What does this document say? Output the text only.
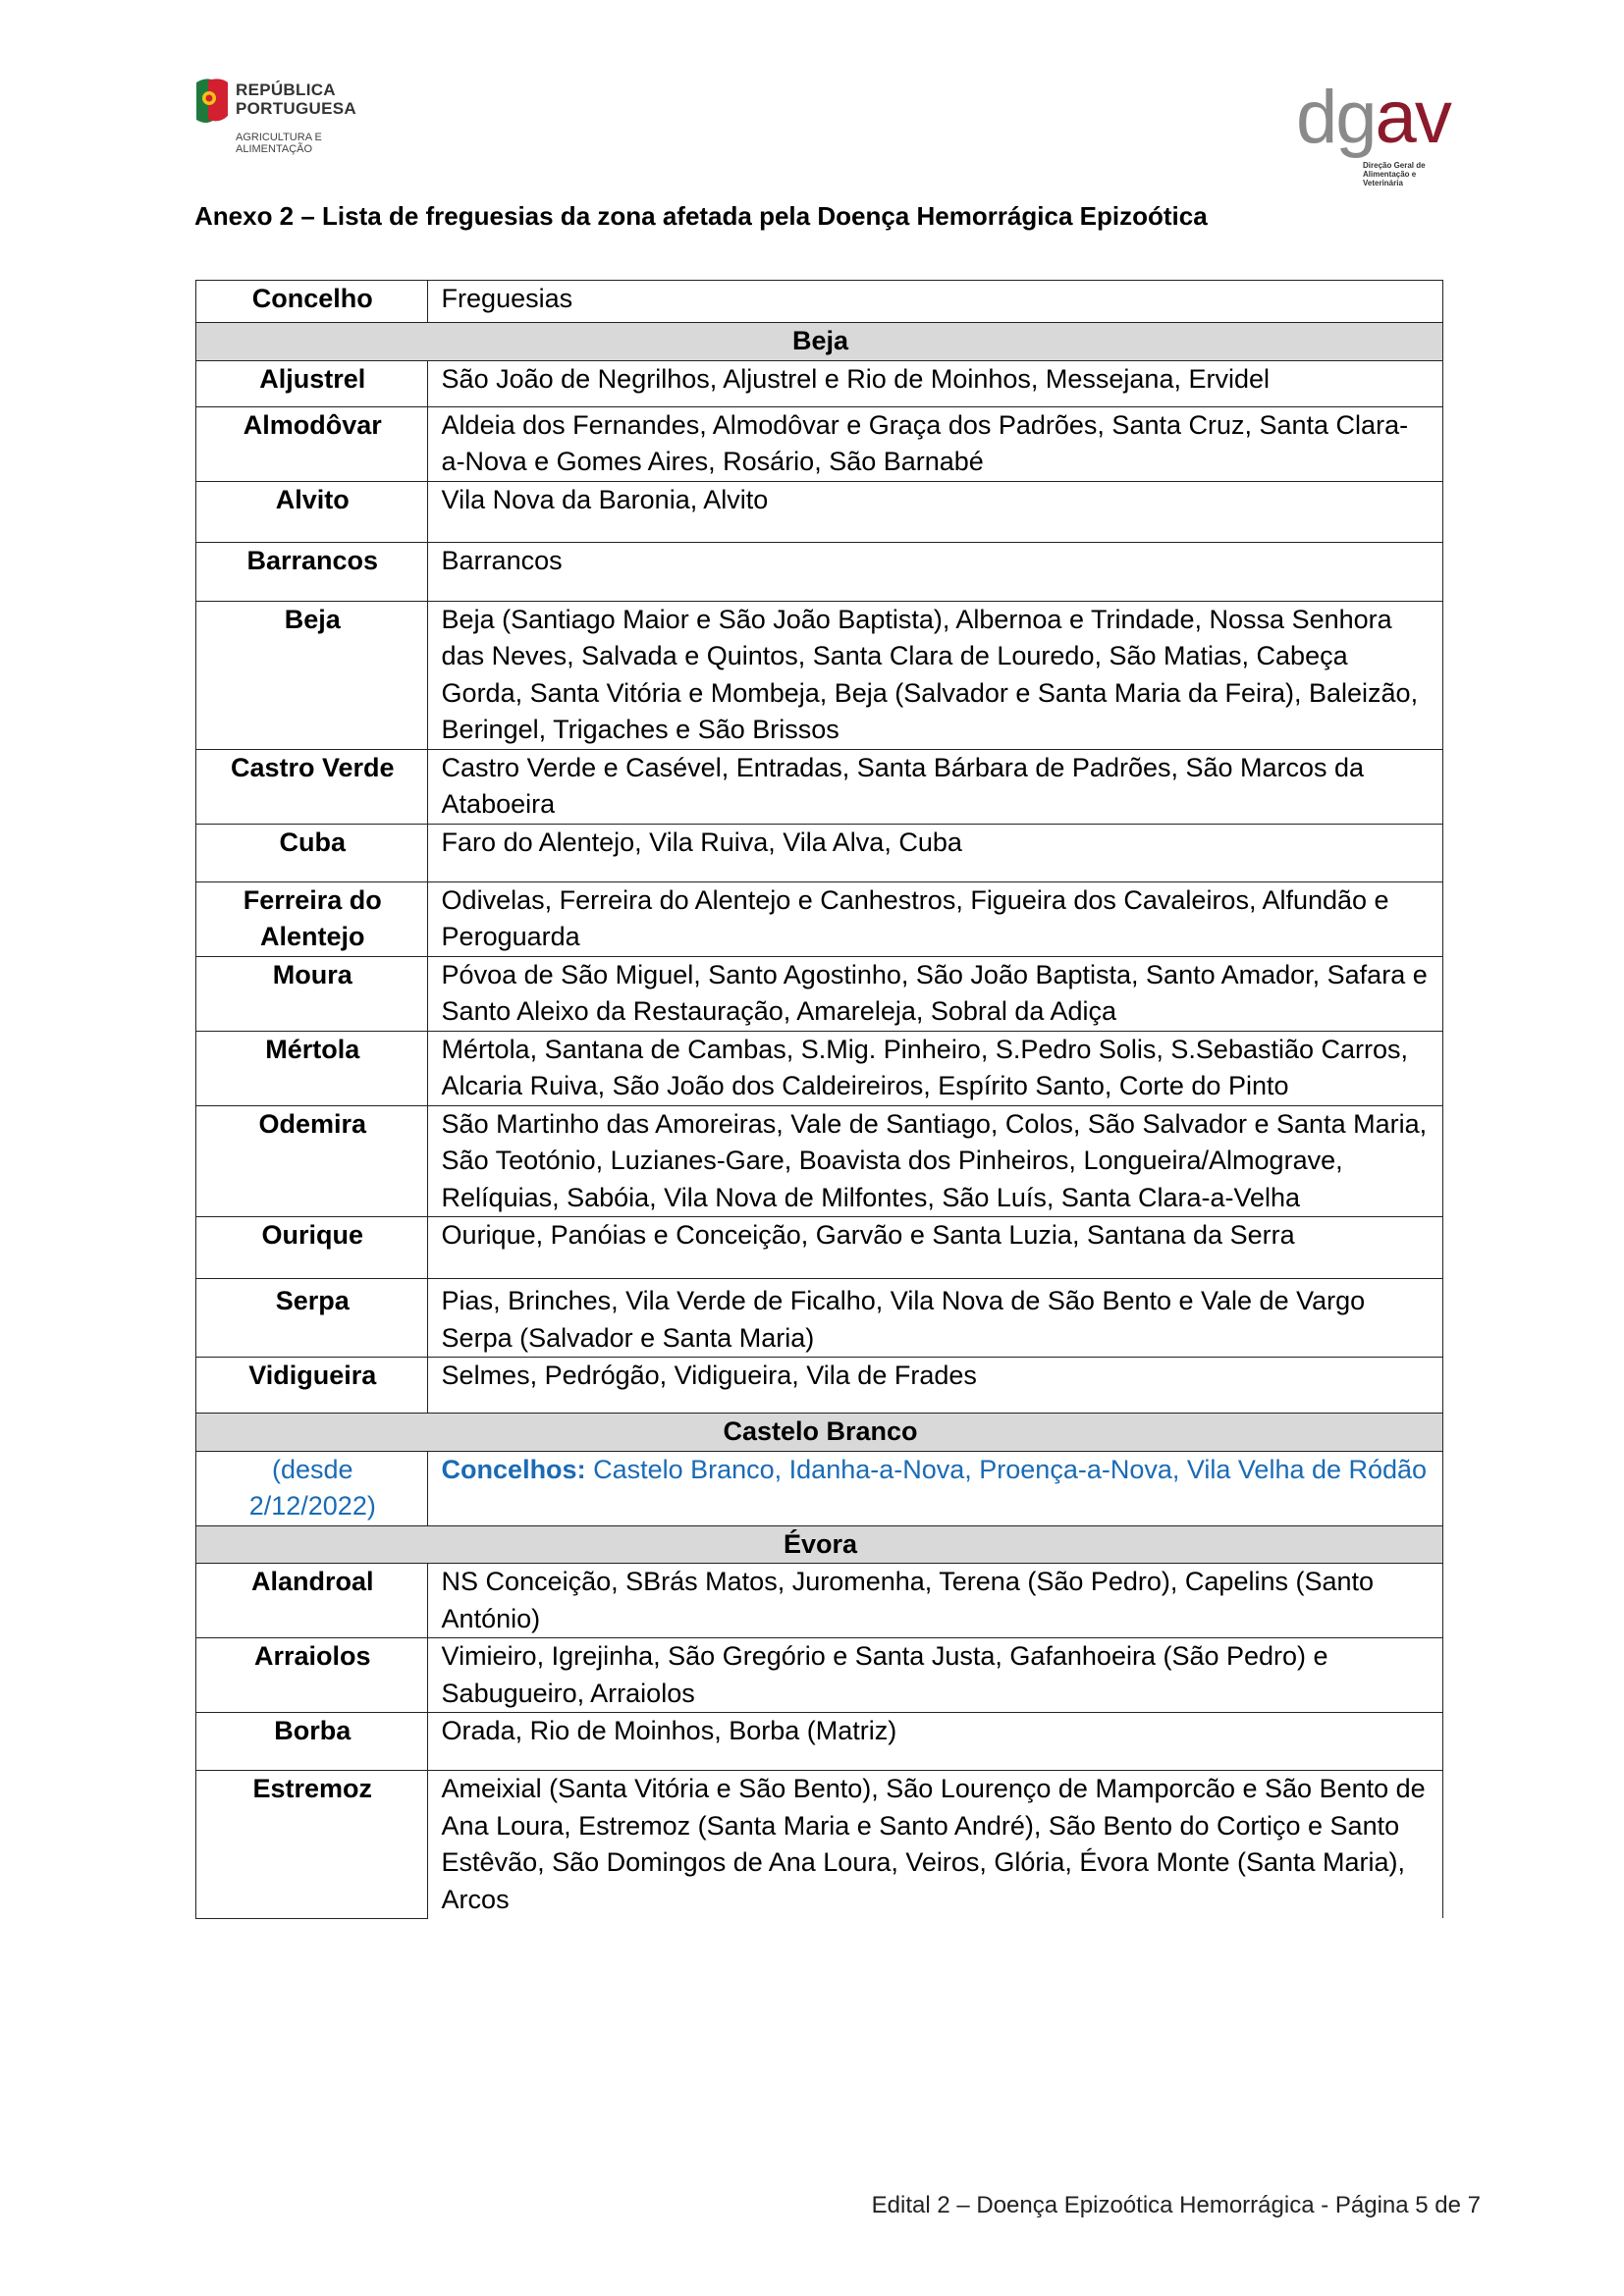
REPÚBLICA PORTUGUESA
AGRICULTURA E ALIMENTAÇÃO	dgav
Direção Geral de Alimentação e Veterinária
Anexo 2 – Lista de freguesias da zona afetada pela Doença Hemorrágica Epizoótica
Concelho	Freguesias
Beja	
Aljustrel	São João de Negrilhos, Aljustrel e Rio de Moinhos, Messejana, Ervidel
Almodôvar	Aldeia dos Fernandes, Almodôvar e Graça dos Padrões, Santa Cruz, Santa Clara-a-Nova e Gomes Aires, Rosário, São Barnabé
Alvito	Vila Nova da Baronia, Alvito
Barrancos	Barrancos
Beja	Beja (Santiago Maior e São João Baptista), Albernoa e Trindade, Nossa Senhora das Neves, Salvada e Quintos, Santa Clara de Louredo, São Matias, Cabeça Gorda, Santa Vitória e Mombeja, Beja (Salvador e Santa Maria da Feira), Baleizão, Beringel, Trigaches e São Brissos
Castro Verde	Castro Verde e Casével, Entradas, Santa Bárbara de Padrões, São Marcos da Ataboeira
Cuba	Faro do Alentejo, Vila Ruiva, Vila Alva, Cuba
Ferreira do Alentejo	Odivelas, Ferreira do Alentejo e Canhestros, Figueira dos Cavaleiros, Alfundão e Peroguarda
Moura	Póvoa de São Miguel, Santo Agostinho, São João Baptista, Santo Amador, Safara e Santo Aleixo da Restauração, Amareleja, Sobral da Adiça
Mértola	Mértola, Santana de Cambas, S.Mig. Pinheiro, S.Pedro Solis, S.Sebastião Carros, Alcaria Ruiva, São João dos Caldeireiros, Espírito Santo, Corte do Pinto
Odemira	São Martinho das Amoreiras, Vale de Santiago, Colos, São Salvador e Santa Maria, São Teotónio, Luzianes-Gare, Boavista dos Pinheiros, Longueira/Almograve, Relíquias, Sabóia, Vila Nova de Milfontes, São Luís, Santa Clara-a-Velha
Ourique	Ourique, Panóias e Conceição, Garvão e Santa Luzia, Santana da Serra
Serpa	Pias, Brinches, Vila Verde de Ficalho, Vila Nova de São Bento e Vale de Vargo Serpa (Salvador e Santa Maria)
Vidigueira	Selmes, Pedrógão, Vidigueira, Vila de Frades
Castelo Branco	
(desde 2/12/2022)	Concelhos: Castelo Branco, Idanha-a-Nova, Proença-a-Nova, Vila Velha de Ródão
Évora	
Alandroal	NS Conceição, SBrás Matos, Juromenha, Terena (São Pedro), Capelins (Santo António)
Arraiolos	Vimieiro, Igrejinha, São Gregório e Santa Justa, Gafanhoeira (São Pedro) e Sabugueiro, Arraiolos
Borba	Orada, Rio de Moinhos, Borba (Matriz)
Estremoz	Ameixial (Santa Vitória e São Bento), São Lourenço de Mamporcão e São Bento de Ana Loura, Estremoz (Santa Maria e Santo André), São Bento do Cortiço e Santo Estêvão, São Domingos de Ana Loura, Veiros, Glória, Évora Monte (Santa Maria), Arcos
Edital 2 – Doença Epizoótica Hemorrágica - Página 5 de 7
